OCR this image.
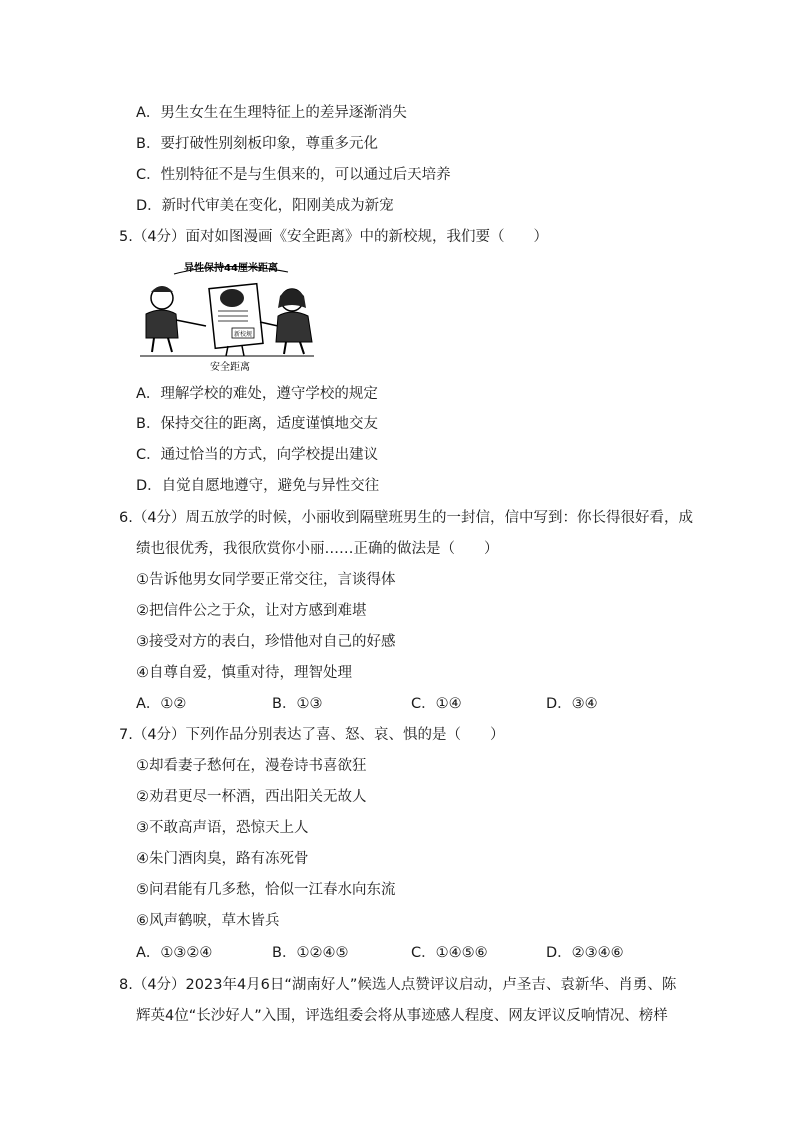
A．男生女生在生理特征上的差异逐渐消失
B．要打破性别刻板印象，尊重多元化
C．性别特征不是与生俱来的，可以通过后天培养
D．新时代审美在变化，阳刚美成为新宠
5.（4分）面对如图漫画《安全距离》中的新校规，我们要（　　）
异性保持44厘米距离
新校规
安全距离
A．理解学校的难处，遵守学校的规定
B．保持交往的距离，适度谨慎地交友
C．通过恰当的方式，向学校提出建议
D．自觉自愿地遵守，避免与异性交往
6.（4分）周五放学的时候，小丽收到隔壁班男生的一封信，信中写到：你长得很好看，成
绩也很优秀，我很欣赏你小丽……正确的做法是（　　）
①告诉他男女同学要正常交往，言谈得体
②把信件公之于众，让对方感到难堪
③接受对方的表白，珍惜他对自己的好感
④自尊自爱，慎重对待，理智处理
A．①②	B．①③	C．①④	D．③④
7.（4分）下列作品分别表达了喜、怒、哀、惧的是（　　）
①却看妻子愁何在，漫卷诗书喜欲狂
②劝君更尽一杯酒，西出阳关无故人
③不敢高声语，恐惊天上人
④朱门酒肉臭，路有冻死骨
⑤问君能有几多愁，恰似一江春水向东流
⑥风声鹤唳，草木皆兵
A．①③②④	B．①②④⑤	C．①④⑤⑥	D．②③④⑥
8.（4分）2023年4月6日“湖南好人”候选人点赞评议启动，卢圣吉、袁新华、肖勇、陈
辉英4位“长沙好人”入围，评选组委会将从事迹感人程度、网友评议反响情况、榜样
